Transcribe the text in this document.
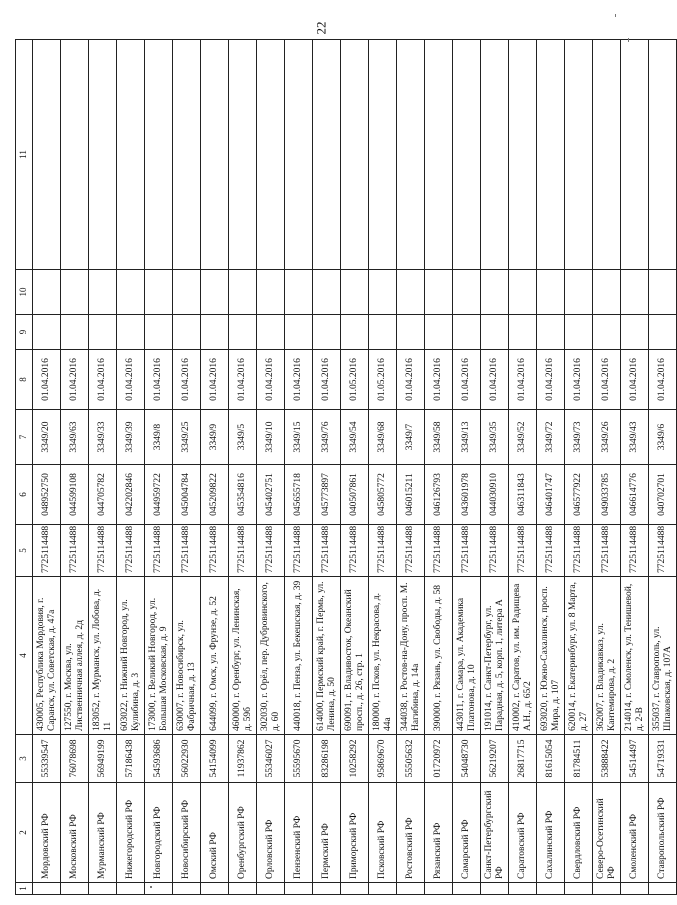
22
1	2	3	4	5	6	7	8	9	10	11
	Мордовский РФ	55339547	430005, Республика Мордовия, г. Саранск, ул. Советская, д. 47а	7725114488	048952750	3349/20	01.04.2016			
	Московский РФ	76078698	127550, г. Москва, ул. Лиственничная аллея, д. 2д	7725114488	044599108	3349/63	01.04.2016			
	Мурманский РФ	56949199	183052, г. Мурманск, ул. Лобова, д. 11	7725114488	044705782	3349/33	01.04.2016			
	Нижегородский РФ	57186438	603022, г. Нижний Новгород, ул. Кулибина, д. 3	7725114488	042202846	3349/39	01.04.2016			
	Новгородский РФ	54593686	173000, г. Великий Новгород, ул. Большая Московская, д. 9	7725114488	044959722	3349/8	01.04.2016			
	Новосибирский РФ	56022930	630007, г. Новосибирск, ул. Фабричная, д. 13	7725114488	045004784	3349/25	01.04.2016			
	Омский РФ	54154099	644099, г. Омск, ул. Фрунзе, д. 52	7725114488	045209822	3349/9	01.04.2016			
	Оренбургский РФ	11937862	460000, г. Оренбург, ул. Ленинская, д. 59б	7725114488	045354816	3349/5	01.04.2016			
	Орловский РФ	55346027	302030, г. Орёл, пер. Дубровинского, д. 60	7725114488	045402751	3349/10	01.04.2016			
	Пензенский РФ	55595670	440018, г. Пенза, ул. Бекешская, д. 39	7725114488	045655718	3349/15	01.04.2016			
	Пермский РФ	83286198	614000, Пермский край, г. Пермь, ул. Ленина, д. 50	7725114488	045773897	3349/76	01.04.2016			
	Приморский РФ	10258292	690091, г. Владивосток, Океанский просп., д. 26, стр. 1	7725114488	040507861	3349/54	01.05.2016			
	Псковский РФ	95869670	180000, г. Псков, ул. Некрасова, д. 44а	7725114488	045805772	3349/68	01.05.2016			
	Ростовский РФ	55505632	344038, г. Ростов-на-Дону, просп. М. Нагибина, д. 14а	7725114488	046015211	3349/7	01.04.2016			
	Рязанский РФ	01720972	390000, г. Рязань, ул. Свободы, д. 58	7725114488	046126793	3349/58	01.04.2016			
	Самарский РФ	54048730	443011, г. Самара, ул. Академика Платонова, д. 10	7725114488	043601978	3349/13	01.04.2016			
	Санкт-Петербургский РФ	56219207	191014, г. Санкт-Петербург, ул. Парадная, д. 5, корп. 1, литера А	7725114488	044030910	3349/35	01.04.2016			
	Саратовский РФ	26817715	410002, г. Саратов, ул. им. Радищева А.Н., д. 65/2	7725114488	046311843	3349/52	01.04.2016			
	Сахалинский РФ	81615054	693020, г. Южно-Сахалинск, просп. Мира, д. 107	7725114488	046401747	3349/72	01.04.2016			
	Свердловский РФ	81784511	620014, г. Екатеринбург, ул. 8 Марта, д. 27	7725114488	046577922	3349/73	01.04.2016			
	Северо-Осетинский РФ	53888422	362007, г. Владикавказ, ул. Кантемирова, д. 2	7725114488	049033785	3349/26	01.04.2016			
	Смоленский РФ	54514497	214014, г. Смоленск, ул. Тенишевой, д. 2-В	7725114488	046614776	3349/43	01.04.2016			
	Ставропольский РФ	54719331	355037, г. Ставрополь, ул. Шпаковская, д. 107А	7725114488	040702701	3349/6	01.04.2016			
